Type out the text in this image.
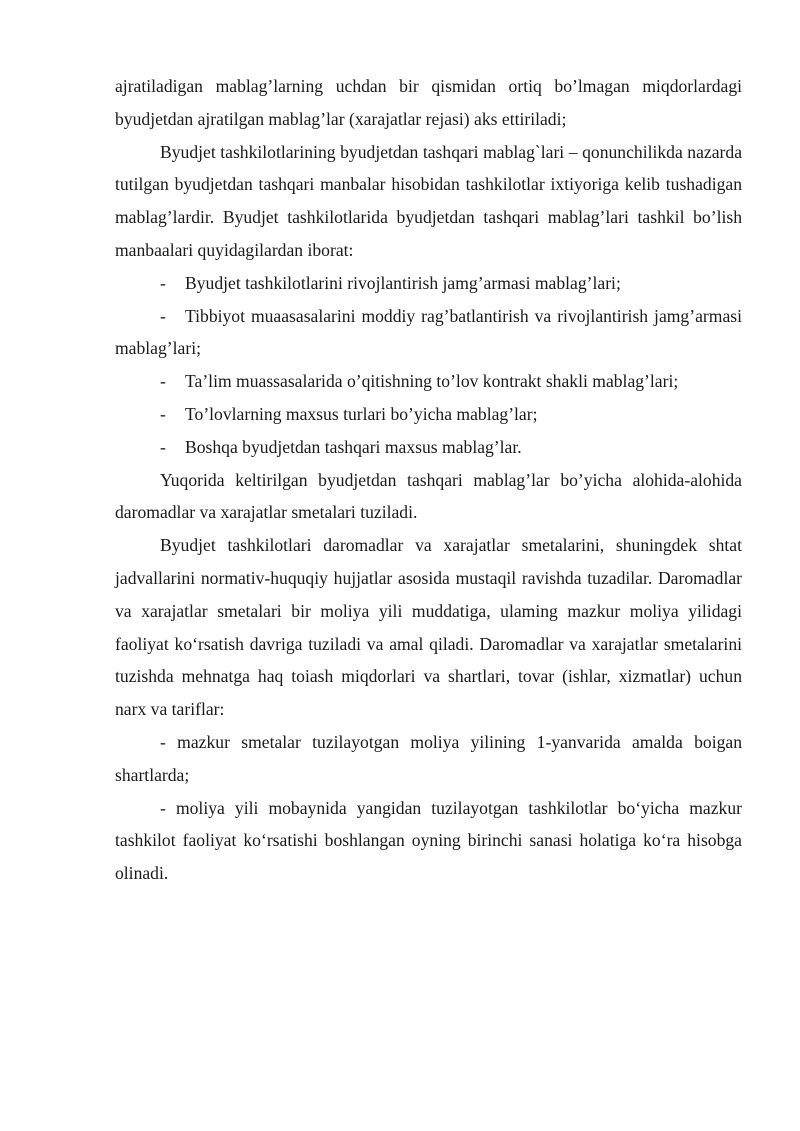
ajratiladigan mablag’larning uchdan bir qismidan ortiq bo’lmagan miqdorlardagi byudjetdan ajratilgan mablag’lar (xarajatlar rejasi) aks ettiriladi;

Byudjet tashkilotlarining byudjetdan tashqari mablag`lari – qonunchilikda nazarda tutilgan byudjetdan tashqari manbalar hisobidan tashkilotlar ixtiyoriga kelib tushadigan mablag’lardir. Byudjet tashkilotlarida byudjetdan tashqari mablag’lari tashkil bo’lish manbaalari quyidagilardan iborat:

- Byudjet tashkilotlarini rivojlantirish jamg’armasi mablag’lari;

- Tibbiyot muaasasalarini moddiy rag’batlantirish va rivojlantirish jamg’armasi mablag’lari;

- Ta’lim muassasalarida o’qitishning to’lov kontrakt shakli mablag’lari;

- To’lovlarning maxsus turlari bo’yicha mablag’lar;

- Boshqa byudjetdan tashqari maxsus mablag’lar.

Yuqorida keltirilgan byudjetdan tashqari mablag’lar bo’yicha alohida-alohida daromadlar va xarajatlar smetalari tuziladi.

Byudjet tashkilotlari daromadlar va xarajatlar smetalarini, shuningdek shtat jadvallarini normativ-huquqiy hujjatlar asosida mustaqil ravishda tuzadilar. Daromadlar va xarajatlar smetalari bir moliya yili muddatiga, ulaming mazkur moliya yilidagi faoliyat ko‘rsatish davriga tuziladi va amal qiladi. Daromadlar va xarajatlar smetalarini tuzishda mehnatga haq toiash miqdorlari va shartlari, tovar (ishlar, xizmatlar) uchun narx va tariflar:

- mazkur smetalar tuzilayotgan moliya yilining 1-yanvarida amalda boigan shartlarda;

- moliya yili mobaynida yangidan tuzilayotgan tashkilotlar bo‘yicha mazkur tashkilot faoliyat ko‘rsatishi boshlangan oyning birinchi sanasi holatiga ko‘ra hisobga olinadi.
